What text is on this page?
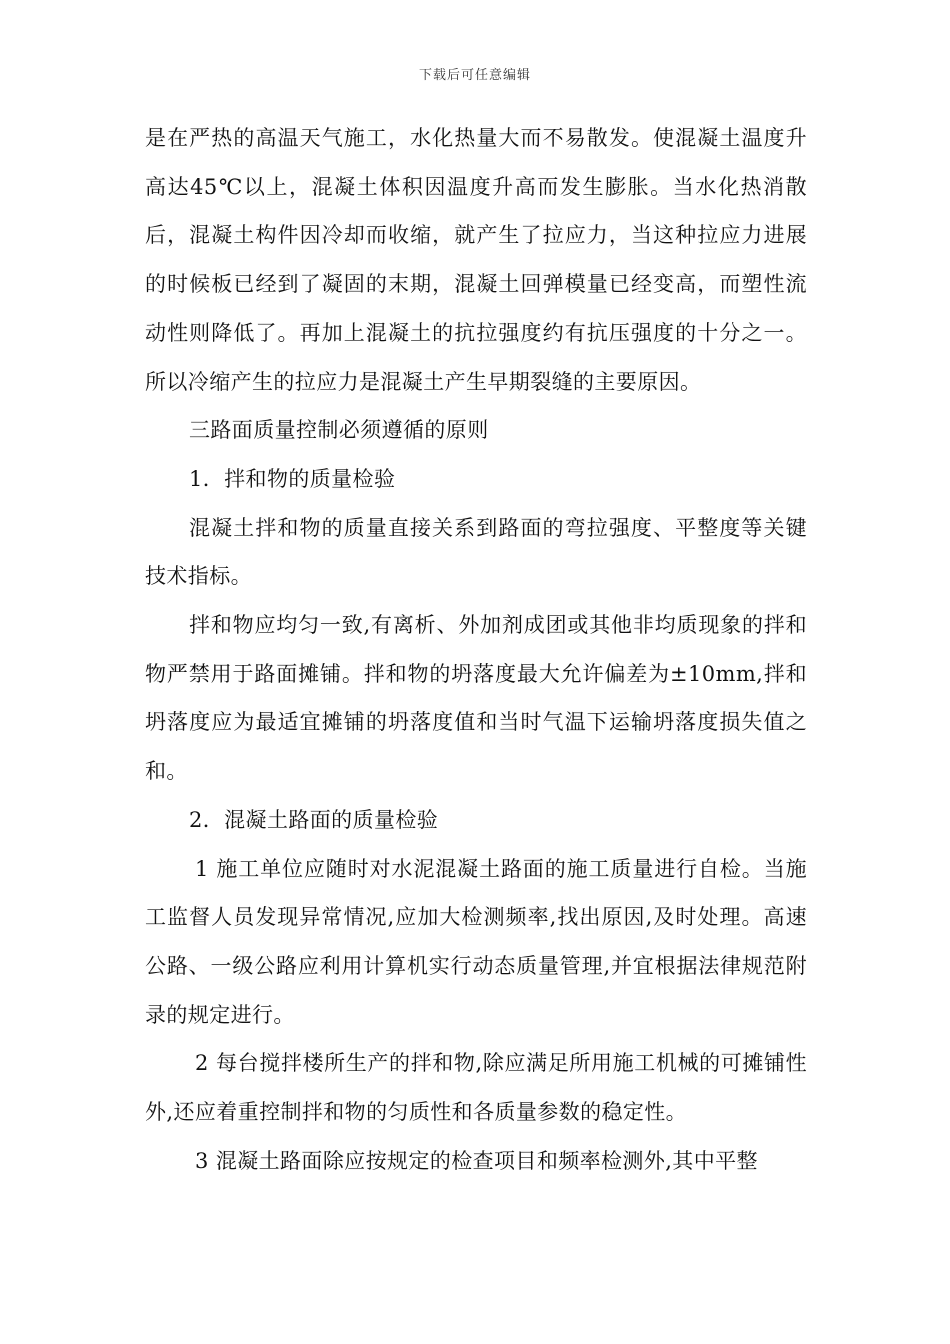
下载后可任意编辑

是在严热的高温天气施工，水化热量大而不易散发。使混凝土温度升高达45℃以上，混凝土体积因温度升高而发生膨胀。当水化热消散后，混凝土构件因冷却而收缩，就产生了拉应力，当这种拉应力进展的时候板已经到了凝固的末期，混凝土回弹模量已经变高，而塑性流动性则降低了。再加上混凝土的抗拉强度约有抗压强度的十分之一。所以冷缩产生的拉应力是混凝土产生早期裂缝的主要原因。

三路面质量控制必须遵循的原则

1．拌和物的质量检验

混凝土拌和物的质量直接关系到路面的弯拉强度、平整度等关键技术指标。

拌和物应均匀一致,有离析、外加剂成团或其他非均质现象的拌和物严禁用于路面摊铺。拌和物的坍落度最大允许偏差为±10mm,拌和坍落度应为最适宜摊铺的坍落度值和当时气温下运输坍落度损失值之和。

2．混凝土路面的质量检验

1 施工单位应随时对水泥混凝土路面的施工质量进行自检。当施工监督人员发现异常情况,应加大检测频率,找出原因,及时处理。高速公路、一级公路应利用计算机实行动态质量管理,并宜根据法律规范附录的规定进行。

2 每台搅拌楼所生产的拌和物,除应满足所用施工机械的可摊铺性外,还应着重控制拌和物的匀质性和各质量参数的稳定性。

3 混凝土路面除应按规定的检查项目和频率检测外,其中平整
